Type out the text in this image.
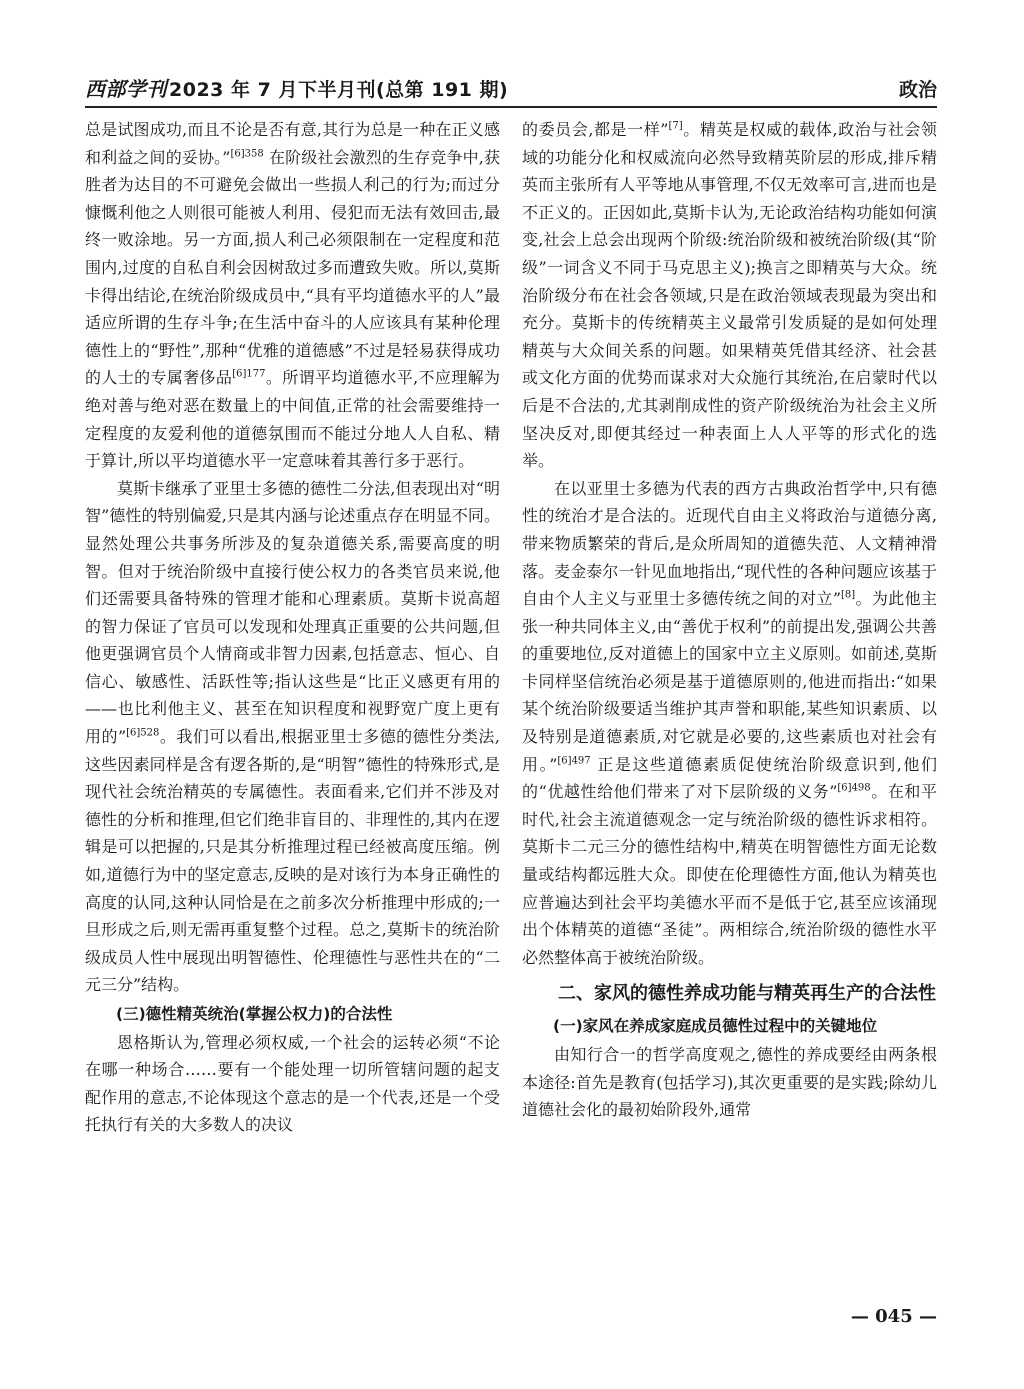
西部学刊 2023 年 7 月下半月刊(总第 191 期)	政治

总是试图成功,而且不论是否有意,其行为总是一种在正义感和利益之间的妥协。”$^{[6]358}$ 在阶级社会激烈的生存竞争中,获胜者为达目的不可避免会做出一些损人利己的行为;而过分慷慨利他之人则很可能被人利用、侵犯而无法有效回击,最终一败涂地。另一方面,损人利己必须限制在一定程度和范围内,过度的自私自利会因树敌过多而遭致失败。所以,莫斯卡得出结论,在统治阶级成员中,“具有平均道德水平的人”最适应所谓的生存斗争;在生活中奋斗的人应该具有某种伦理德性上的“野性”,那种“优雅的道德感”不过是轻易获得成功的人士的专属奢侈品$^{[6]177}$。所谓平均道德水平,不应理解为绝对善与绝对恶在数量上的中间值,正常的社会需要维持一定程度的友爱利他的道德氛围而不能过分地人人自私、精于算计,所以平均道德水平一定意味着其善行多于恶行。

莫斯卡继承了亚里士多德的德性二分法,但表现出对“明智”德性的特别偏爱,只是其内涵与论述重点存在明显不同。显然处理公共事务所涉及的复杂道德关系,需要高度的明智。但对于统治阶级中直接行使公权力的各类官员来说,他们还需要具备特殊的管理才能和心理素质。莫斯卡说高超的智力保证了官员可以发现和处理真正重要的公共问题,但他更强调官员个人情商或非智力因素,包括意志、恒心、自信心、敏感性、活跃性等;指认这些是“比正义感更有用的——也比利他主义、甚至在知识程度和视野宽广度上更有用的”$^{[6]528}$。我们可以看出,根据亚里士多德的德性分类法,这些因素同样是含有逻各斯的,是“明智”德性的特殊形式,是现代社会统治精英的专属德性。表面看来,它们并不涉及对德性的分析和推理,但它们绝非盲目的、非理性的,其内在逻辑是可以把握的,只是其分析推理过程已经被高度压缩。例如,道德行为中的坚定意志,反映的是对该行为本身正确性的高度的认同,这种认同恰是在之前多次分析推理中形成的;一旦形成之后,则无需再重复整个过程。总之,莫斯卡的统治阶级成员人性中展现出明智德性、伦理德性与恶性共在的“二元三分”结构。

(三)德性精英统治(掌握公权力)的合法性

恩格斯认为,管理必须权威,一个社会的运转必须“不论在哪一种场合……要有一个能处理一切所管辖问题的起支配作用的意志,不论体现这个意志的是一个代表,还是一个受托执行有关的大多数人的决议

的委员会,都是一样”[7]。精英是权威的载体,政治与社会领域的功能分化和权威流向必然导致精英阶层的形成,排斥精英而主张所有人平等地从事管理,不仅无效率可言,进而也是不正义的。正因如此,莫斯卡认为,无论政治结构功能如何演变,社会上总会出现两个阶级:统治阶级和被统治阶级(其“阶级”一词含义不同于马克思主义);换言之即精英与大众。统治阶级分布在社会各领域,只是在政治领域表现最为突出和充分。莫斯卡的传统精英主义最常引发质疑的是如何处理精英与大众间关系的问题。如果精英凭借其经济、社会甚或文化方面的优势而谋求对大众施行其统治,在启蒙时代以后是不合法的,尤其剥削成性的资产阶级统治为社会主义所坚决反对,即便其经过一种表面上人人平等的形式化的选举。

在以亚里士多德为代表的西方古典政治哲学中,只有德性的统治才是合法的。近现代自由主义将政治与道德分离,带来物质繁荣的背后,是众所周知的道德失范、人文精神滑落。麦金泰尔一针见血地指出,“现代性的各种问题应该基于自由个人主义与亚里士多德传统之间的对立”[8]。为此他主张一种共同体主义,由“善优于权利”的前提出发,强调公共善的重要地位,反对道德上的国家中立主义原则。如前述,莫斯卡同样坚信统治必须是基于道德原则的,他进而指出:“如果某个统治阶级要适当维护其声誉和职能,某些知识素质、以及特别是道德素质,对它就是必要的,这些素质也对社会有用。”$^{[6]497}$ 正是这些道德素质促使统治阶级意识到,他们的“优越性给他们带来了对下层阶级的义务”$^{[6]498}$。在和平时代,社会主流道德观念一定与统治阶级的德性诉求相符。莫斯卡二元三分的德性结构中,精英在明智德性方面无论数量或结构都远胜大众。即使在伦理德性方面,他认为精英也应普遍达到社会平均美德水平而不是低于它,甚至应该涌现出个体精英的道德“圣徒”。两相综合,统治阶级的德性水平必然整体高于被统治阶级。

二、家风的德性养成功能与精英再生产的合法性
(一)家风在养成家庭成员德性过程中的关键地位

由知行合一的哲学高度观之,德性的养成要经由两条根本途径:首先是教育(包括学习),其次更重要的是实践;除幼儿道德社会化的最初始阶段外,通常

— 045 —
